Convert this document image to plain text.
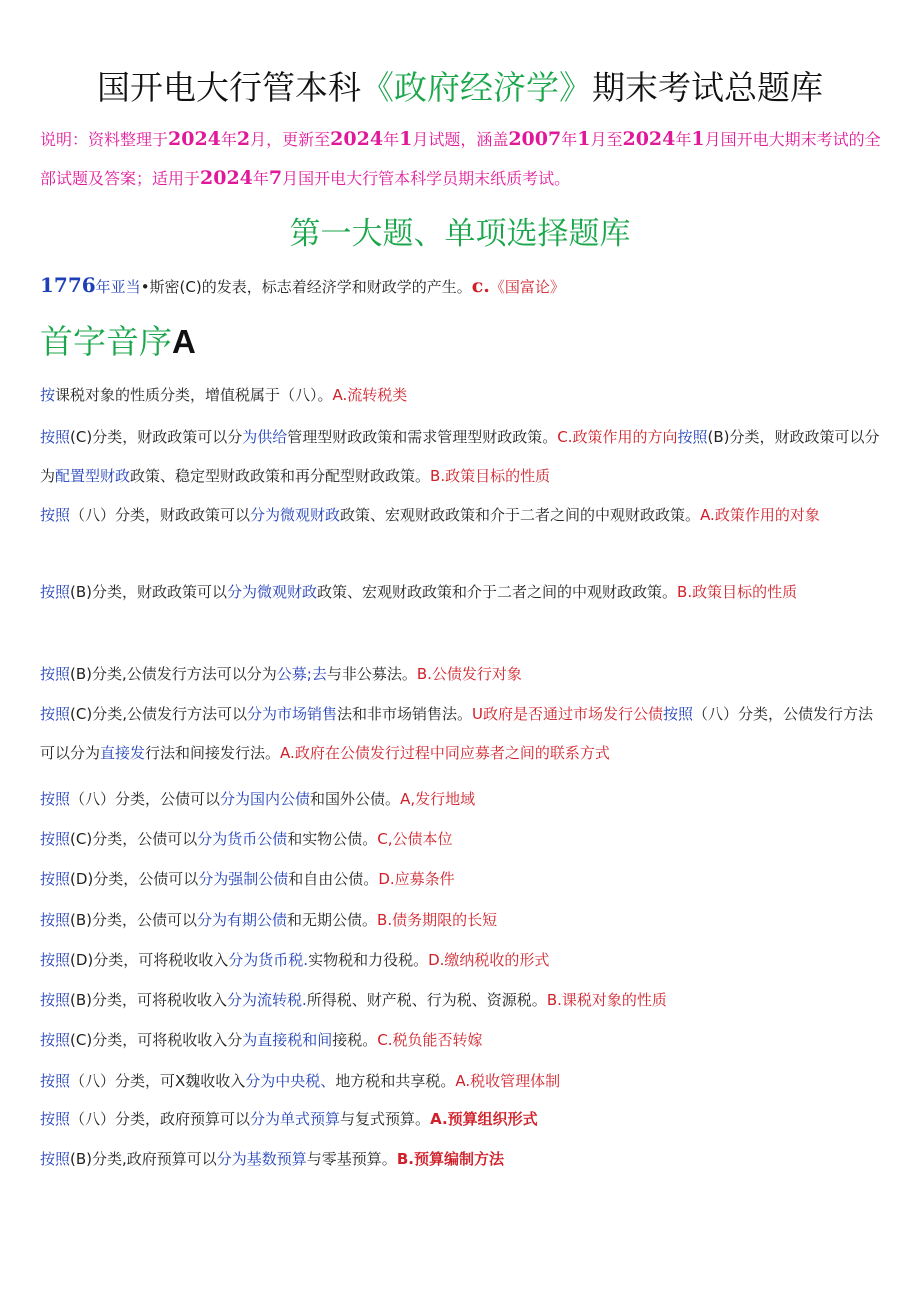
国开电大行管本科《政府经济学》期末考试总题库
说明：资料整理于2024年2月，更新至2024年1月试题，涵盖2007年1月至2024年1月国开电大期末考试的全部试题及答案；适用于2024年7月国开电大行管本科学员期末纸质考试。
第一大题、单项选择题库
1776年亚当•斯密(C)的发表，标志着经济学和财政学的产生。c.《国富论》
首字音序A
按课税对象的性质分类，增值税属于（八）。A.流转税类
按照(C)分类，财政政策可以分为供给管理型财政政策和需求管理型财政政策。C.政策作用的方向按照(B)分类，财政政策可以分为配置型财政政策、稳定型财政政策和再分配型财政政策。B.政策目标的性质
按照（八）分类，财政政策可以分为微观财政政策、宏观财政政策和介于二者之间的中观财政政策。A.政策作用的对象
按照(B)分类，财政政策可以分为微观财政政策、宏观财政政策和介于二者之间的中观财政政策。B.政策目标的性质
按照(B)分类,公债发行方法可以分为公募;去与非公募法。B.公债发行对象
按照(C)分类,公债发行方法可以分为市场销售法和非市场销售法。U政府是否通过市场发行公债按照（八）分类，公债发行方法可以分为直接发行法和间接发行法。A.政府在公债发行过程中同应募者之间的联系方式
按照（八）分类，公债可以分为国内公债和国外公债。A,发行地域
按照(C)分类，公债可以分为货币公债和实物公债。C,公债本位
按照(D)分类，公债可以分为强制公债和自由公债。D.应募条件
按照(B)分类，公债可以分为有期公债和无期公债。B.债务期限的长短
按照(D)分类，可将税收收入分为货币税.实物税和力役税。D.缴纳税收的形式
按照(B)分类，可将税收收入分为流转税.所得税、财产税、行为税、资源税。B.课税对象的性质
按照(C)分类，可将税收收入分为直接税和间接税。C.税负能否转嫁
按照（八）分类，可X魏收收入分为中央税、地方税和共享税。A.税收管理体制
按照（八）分类，政府预算可以分为单式预算与复式预算。A.预算组织形式
按照(B)分类,政府预算可以分为基数预算与零基预算。B.预算编制方法
